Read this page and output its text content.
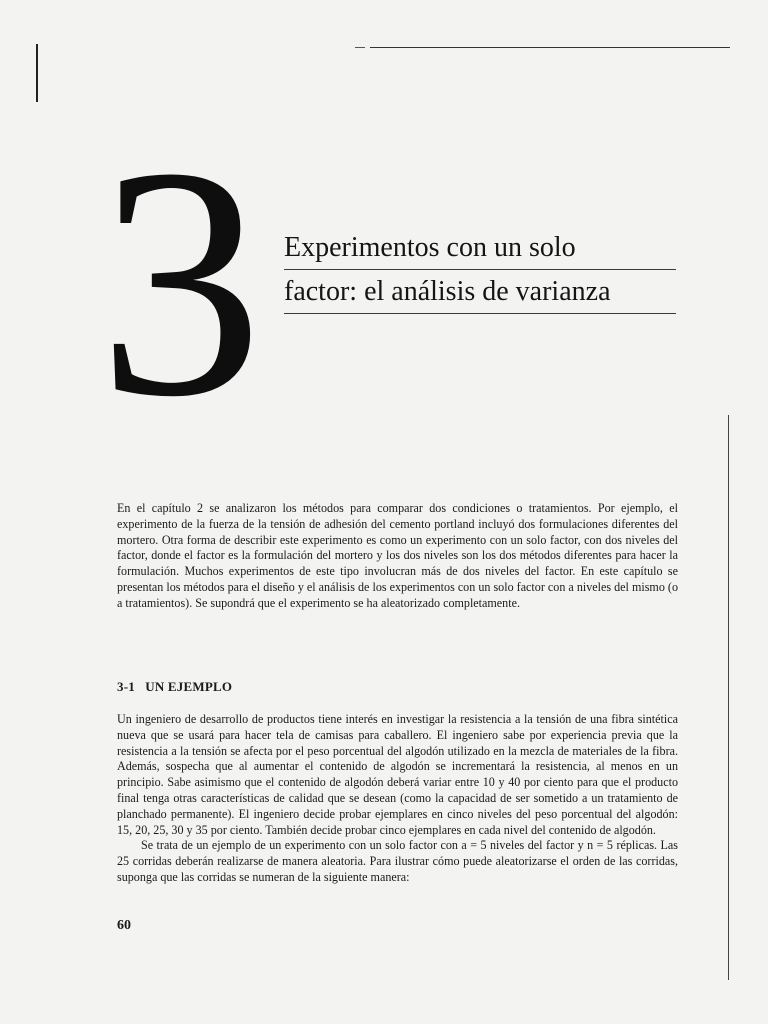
3 Experimentos con un solo
factor: el análisis de varianza

En el capítulo 2 se analizaron los métodos para comparar dos condiciones o tratamientos. Por ejemplo, el experimento de la fuerza de la tensión de adhesión del cemento portland incluyó dos formulaciones diferentes del mortero. Otra forma de describir este experimento es como un experimento con un solo factor, con dos niveles del factor, donde el factor es la formulación del mortero y los dos niveles son los dos métodos diferentes para hacer la formulación. Muchos experimentos de este tipo involucran más de dos niveles del factor. En este capítulo se presentan los métodos para el diseño y el análisis de los experimentos con un solo factor con a niveles del mismo (o a tratamientos). Se supondrá que el experimento se ha aleatorizado completamente.

3-1   UN EJEMPLO

Un ingeniero de desarrollo de productos tiene interés en investigar la resistencia a la tensión de una fibra sintética nueva que se usará para hacer tela de camisas para caballero. El ingeniero sabe por experiencia previa que la resistencia a la tensión se afecta por el peso porcentual del algodón utilizado en la mezcla de materiales de la fibra. Además, sospecha que al aumentar el contenido de algodón se incrementará la resistencia, al menos en un principio. Sabe asimismo que el contenido de algodón deberá variar entre 10 y 40 por ciento para que el producto final tenga otras características de calidad que se desean (como la capacidad de ser sometido a un tratamiento de planchado permanente). El ingeniero decide probar ejemplares en cinco niveles del peso porcentual del algodón: 15, 20, 25, 30 y 35 por ciento. También decide probar cinco ejemplares en cada nivel del contenido de algodón.

Se trata de un ejemplo de un experimento con un solo factor con a = 5 niveles del factor y n = 5 réplicas. Las 25 corridas deberán realizarse de manera aleatoria. Para ilustrar cómo puede aleatorizarse el orden de las corridas, suponga que las corridas se numeran de la siguiente manera:

60
